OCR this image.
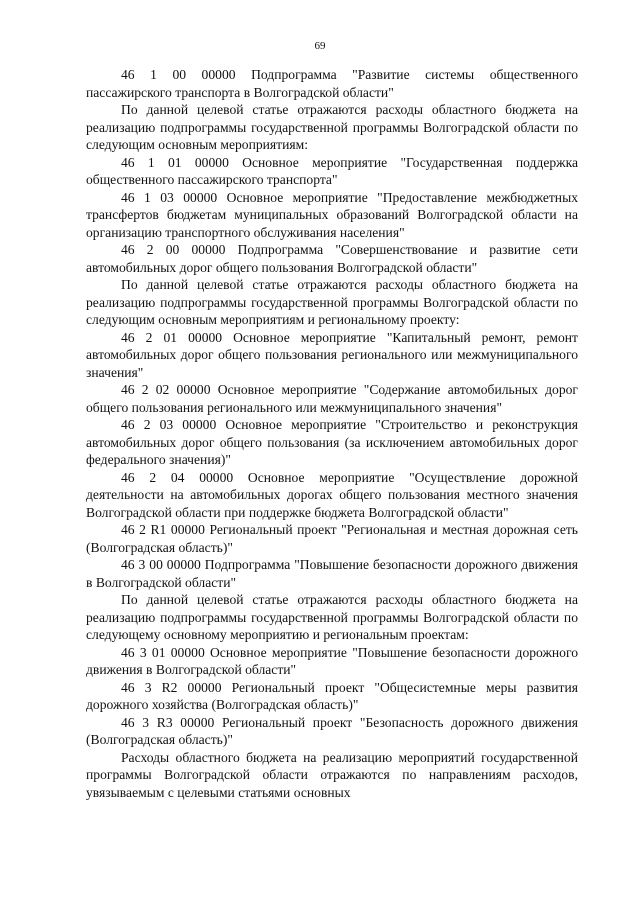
69

46 1 00 00000 Подпрограмма "Развитие системы общественного пассажирского транспорта в Волгоградской области"

По данной целевой статье отражаются расходы областного бюджета на реализацию подпрограммы государственной программы Волгоградской области по следующим основным мероприятиям:

46 1 01 00000 Основное мероприятие "Государственная поддержка общественного пассажирского транспорта"

46 1 03 00000 Основное мероприятие "Предоставление межбюджетных трансфертов бюджетам муниципальных образований Волгоградской области на организацию транспортного обслуживания населения"

46 2 00 00000 Подпрограмма "Совершенствование и развитие сети автомобильных дорог общего пользования Волгоградской области"

По данной целевой статье отражаются расходы областного бюджета на реализацию подпрограммы государственной программы Волгоградской области по следующим основным мероприятиям и региональному проекту:

46 2 01 00000 Основное мероприятие "Капитальный ремонт, ремонт автомобильных дорог общего пользования регионального или межмуниципального значения"

46 2 02 00000 Основное мероприятие "Содержание автомобильных дорог общего пользования регионального или межмуниципального значения"

46 2 03 00000 Основное мероприятие "Строительство и реконструкция автомобильных дорог общего пользования (за исключением автомобильных дорог федерального значения)"

46 2 04 00000 Основное мероприятие "Осуществление дорожной деятельности на автомобильных дорогах общего пользования местного значения Волгоградской области при поддержке бюджета Волгоградской области"

46 2 R1 00000 Региональный проект "Региональная и местная дорожная сеть (Волгоградская область)"

46 3 00 00000 Подпрограмма "Повышение безопасности дорожного движения в Волгоградской области"

По данной целевой статье отражаются расходы областного бюджета на реализацию подпрограммы государственной программы Волгоградской области по следующему основному мероприятию и региональным проектам:

46 3 01 00000 Основное мероприятие "Повышение безопасности дорожного движения в Волгоградской области"

46 3 R2 00000 Региональный проект "Общесистемные меры развития дорожного хозяйства (Волгоградская область)"

46 3 R3 00000 Региональный проект "Безопасность дорожного движения (Волгоградская область)"

Расходы областного бюджета на реализацию мероприятий государственной программы Волгоградской области отражаются по направлениям расходов, увязываемым с целевыми статьями основных
